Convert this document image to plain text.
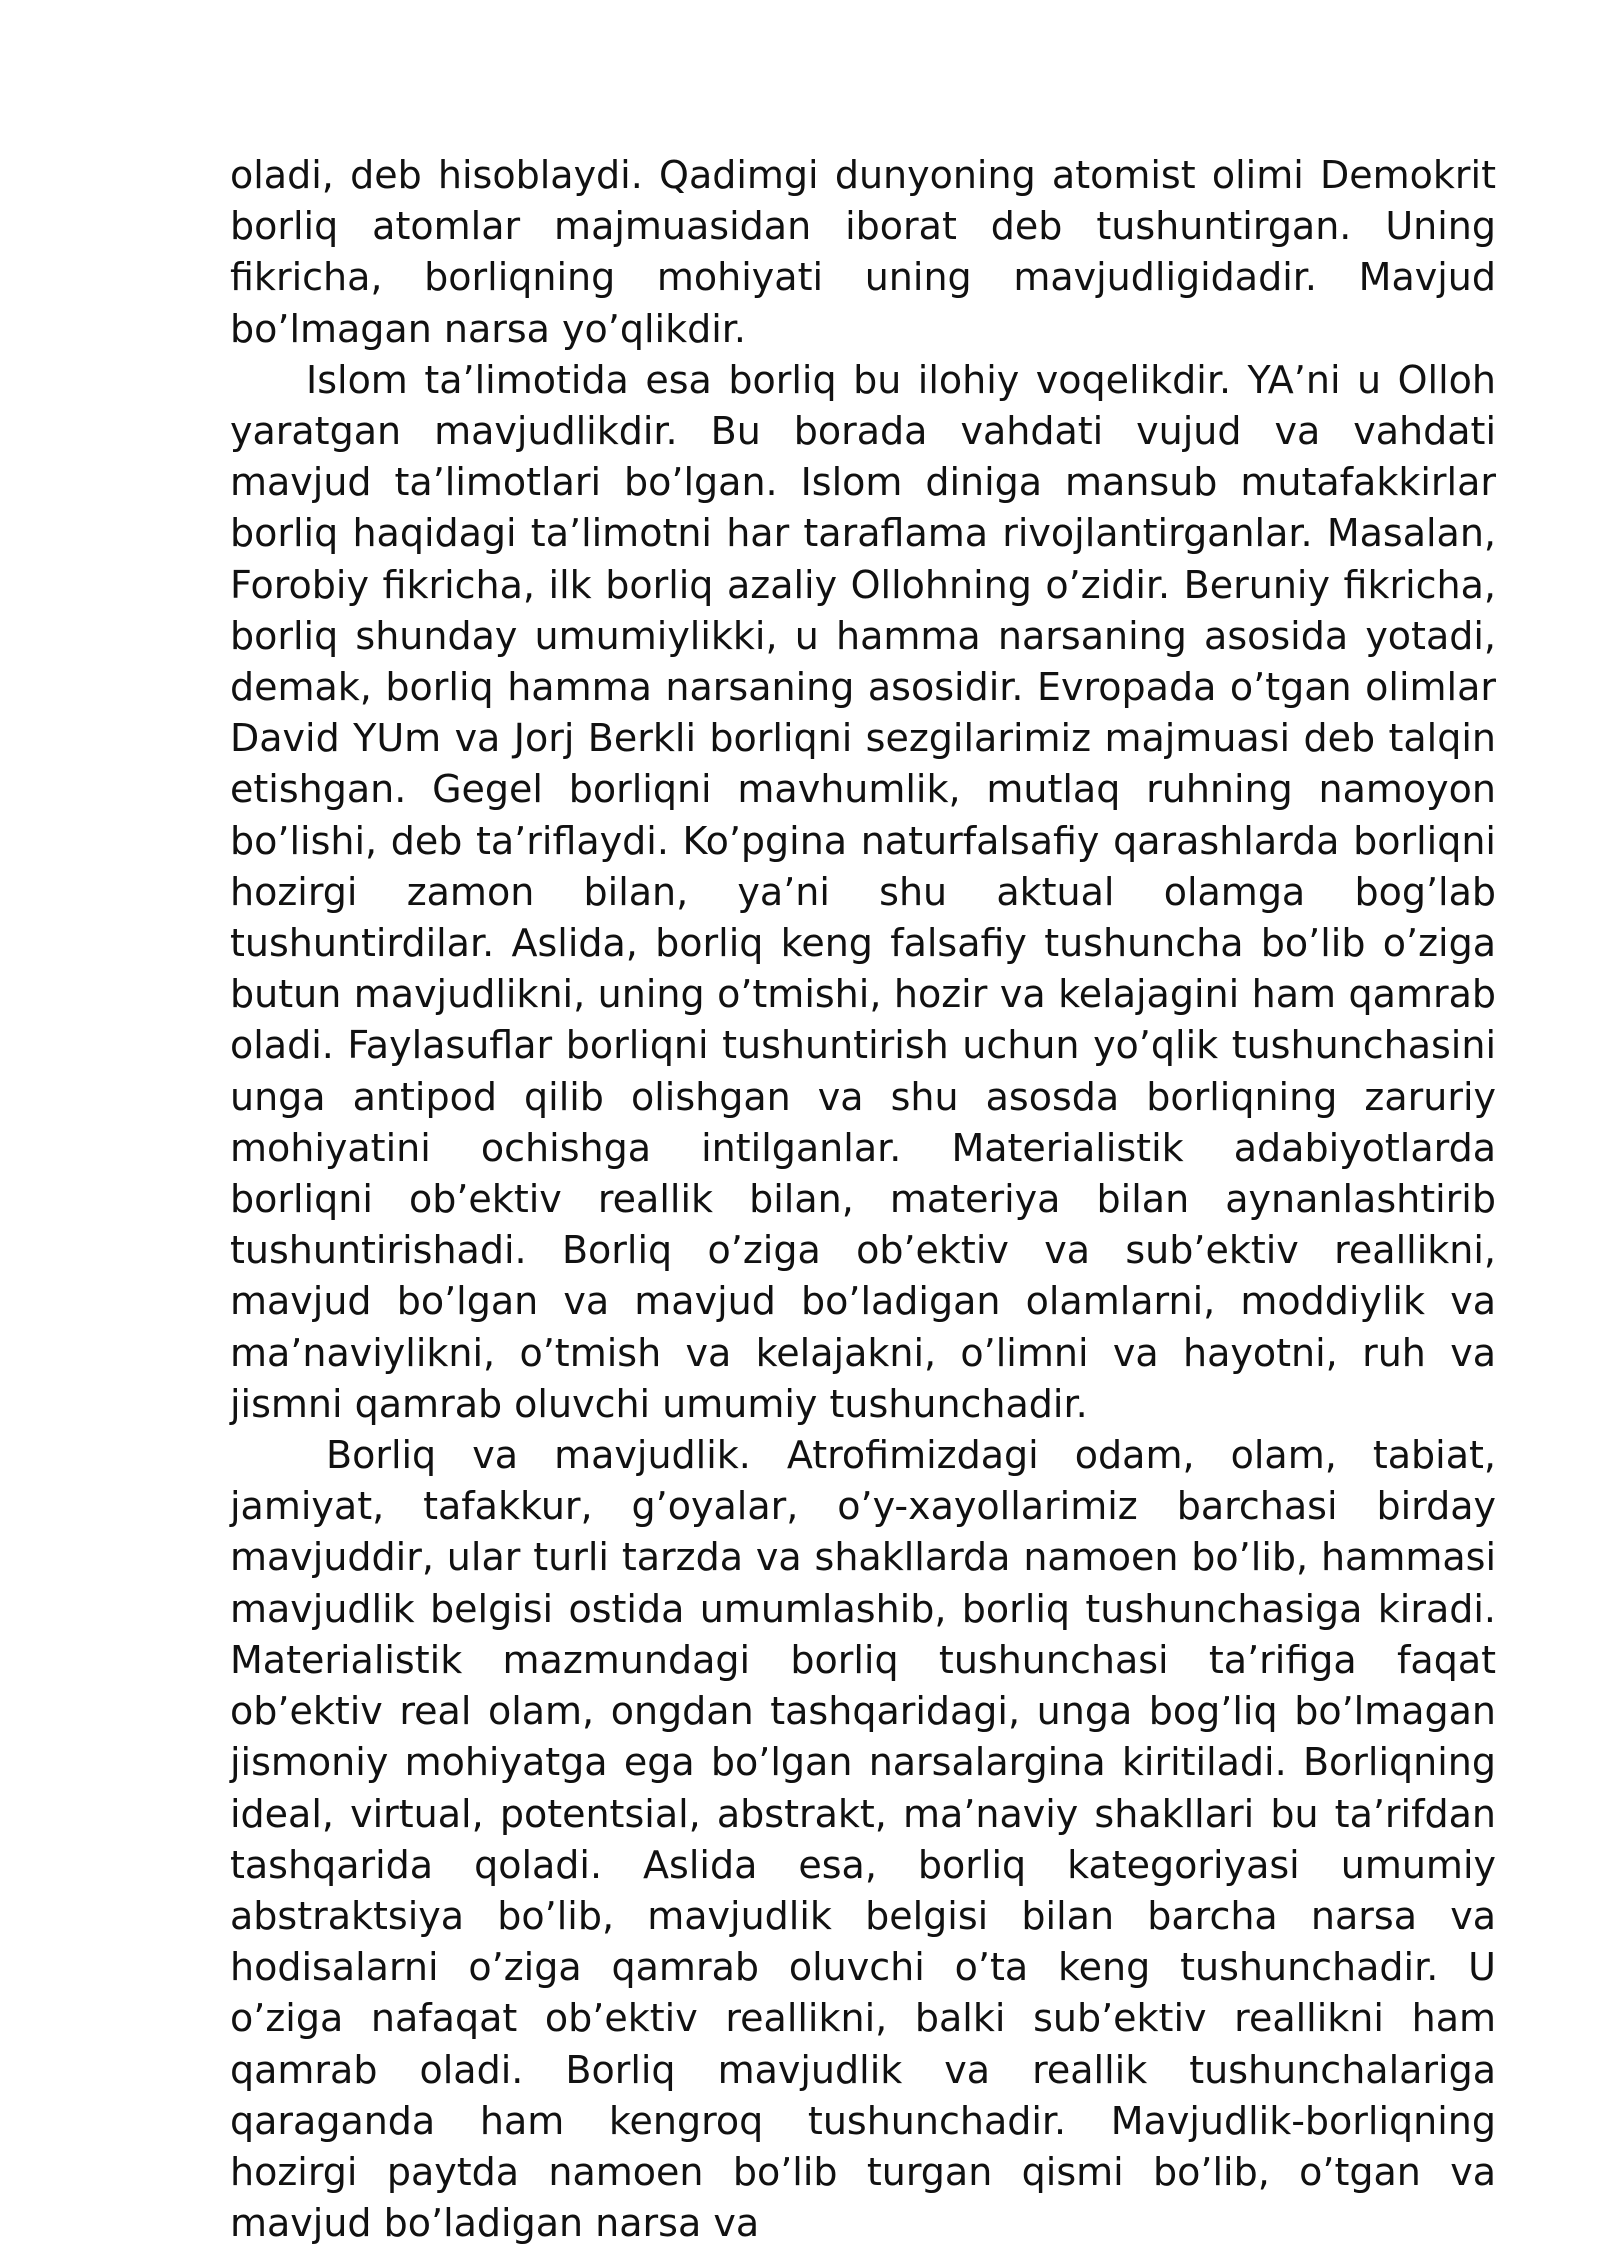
oladi, deb hisoblaydi. Qadimgi dunyoning atomist olimi Demokrit borliq atomlar majmuasidan iborat deb tushuntirgan. Uning fikricha, borliqning mohiyati uning mavjudligidadir. Mavjud bo’lmagan narsa yo’qlikdir.

Islom ta’limotida esa borliq bu ilohiy voqelikdir. YA’ni u Olloh yaratgan mavjudlikdir. Bu borada vahdati vujud va vahdati mavjud ta’limotlari bo’lgan. Islom diniga mansub mutafakkirlar borliq haqidagi ta’limotni har taraflama rivojlantirganlar. Masalan, Forobiy fikricha, ilk borliq azaliy Ollohning o’zidir. Beruniy fikricha, borliq shunday umumiylikki, u hamma narsaning asosida yotadi, demak, borliq hamma narsaning asosidir. Evropada o’tgan olimlar David YUm va Jorj Berkli borliqni sezgilarimiz majmuasi deb talqin etishgan. Gegel borliqni mavhumlik, mutlaq ruhning namoyon bo’lishi, deb ta’riflaydi. Ko’pgina naturfalsafiy qarashlarda borliqni hozirgi zamon bilan, ya’ni shu aktual olamga bog’lab tushuntirdilar. Aslida, borliq keng falsafiy tushuncha bo’lib o’ziga butun mavjudlikni, uning o’tmishi, hozir va kelajagini ham qamrab oladi. Faylasuflar borliqni tushuntirish uchun yo’qlik tushunchasini unga antipod qilib olishgan va shu asosda borliqning zaruriy mohiyatini ochishga intilganlar. Materialistik adabiyotlarda borliqni ob’ektiv reallik bilan, materiya bilan aynanlashtirib tushuntirishadi. Borliq o’ziga ob’ektiv va sub’ektiv reallikni, mavjud bo’lgan va mavjud bo’ladigan olamlarni, moddiylik va ma’naviylikni, o’tmish va kelajakni, o’limni va hayotni, ruh va jismni qamrab oluvchi umumiy tushunchadir.

Borliq va mavjudlik. Atrofimizdagi odam, olam, tabiat, jamiyat, tafakkur, g’oyalar, o’y-xayollarimiz barchasi birday mavjuddir, ular turli tarzda va shakllarda namoen bo’lib, hammasi mavjudlik belgisi ostida umumlashib, borliq tushunchasiga kiradi. Materialistik mazmundagi borliq tushunchasi ta’rifiga faqat ob’ektiv real olam, ongdan tashqaridagi, unga bog’liq bo’lmagan jismoniy mohiyatga ega bo’lgan narsalargina kiritiladi. Borliqning ideal, virtual, potentsial, abstrakt, ma’naviy shakllari bu ta’rifdan tashqarida qoladi. Aslida esa, borliq kategoriyasi umumiy abstraktsiya bo’lib, mavjudlik belgisi bilan barcha narsa va hodisalarni o’ziga qamrab oluvchi o’ta keng tushunchadir. U o’ziga nafaqat ob’ektiv reallikni, balki sub’ektiv reallikni ham qamrab oladi. Borliq mavjudlik va reallik tushunchalariga qaraganda ham kengroq tushunchadir. Mavjudlik-borliqning hozirgi paytda namoen bo’lib turgan qismi bo’lib, o’tgan va mavjud bo’ladigan narsa va
